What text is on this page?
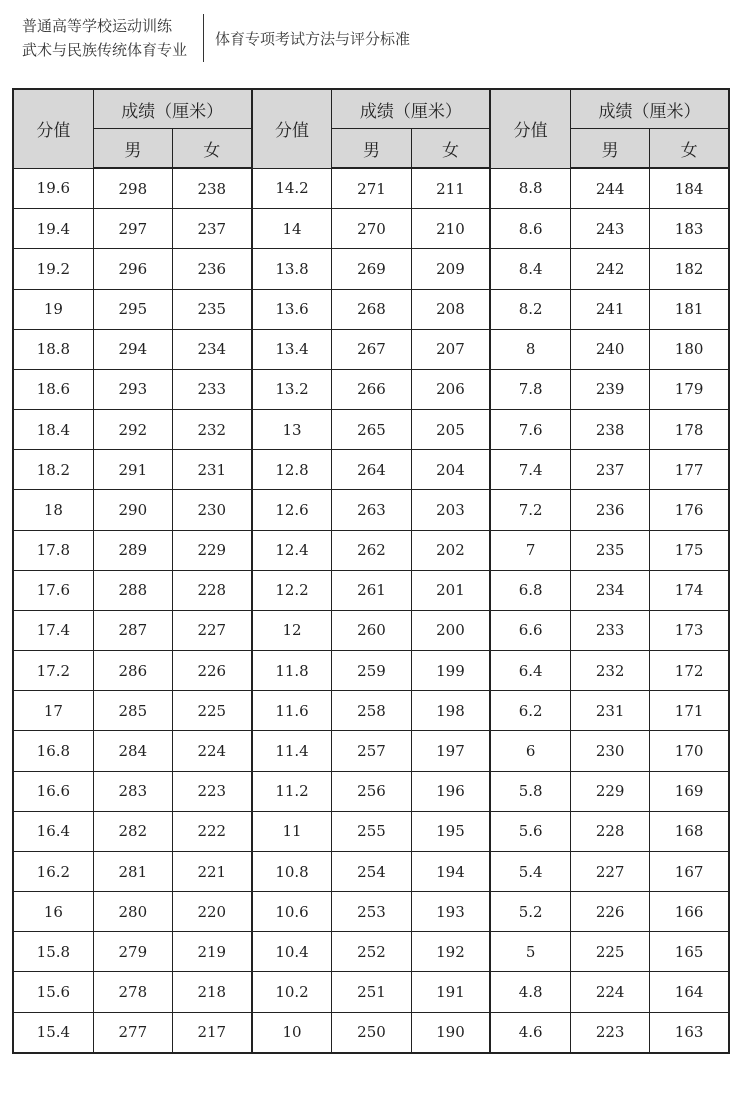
普通高等学校运动训练
武术与民族传统体育专业
体育专项考试方法与评分标准
分值	成绩（厘米）		分值	成绩（厘米）		分值	成绩（厘米）	
	男	女		男	女		男	女
19.6	298	238	14.2	271	211	8.8	244	184
19.4	297	237	14	270	210	8.6	243	183
19.2	296	236	13.8	269	209	8.4	242	182
19	295	235	13.6	268	208	8.2	241	181
18.8	294	234	13.4	267	207	8	240	180
18.6	293	233	13.2	266	206	7.8	239	179
18.4	292	232	13	265	205	7.6	238	178
18.2	291	231	12.8	264	204	7.4	237	177
18	290	230	12.6	263	203	7.2	236	176
17.8	289	229	12.4	262	202	7	235	175
17.6	288	228	12.2	261	201	6.8	234	174
17.4	287	227	12	260	200	6.6	233	173
17.2	286	226	11.8	259	199	6.4	232	172
17	285	225	11.6	258	198	6.2	231	171
16.8	284	224	11.4	257	197	6	230	170
16.6	283	223	11.2	256	196	5.8	229	169
16.4	282	222	11	255	195	5.6	228	168
16.2	281	221	10.8	254	194	5.4	227	167
16	280	220	10.6	253	193	5.2	226	166
15.8	279	219	10.4	252	192	5	225	165
15.6	278	218	10.2	251	191	4.8	224	164
15.4	277	217	10	250	190	4.6	223	163
